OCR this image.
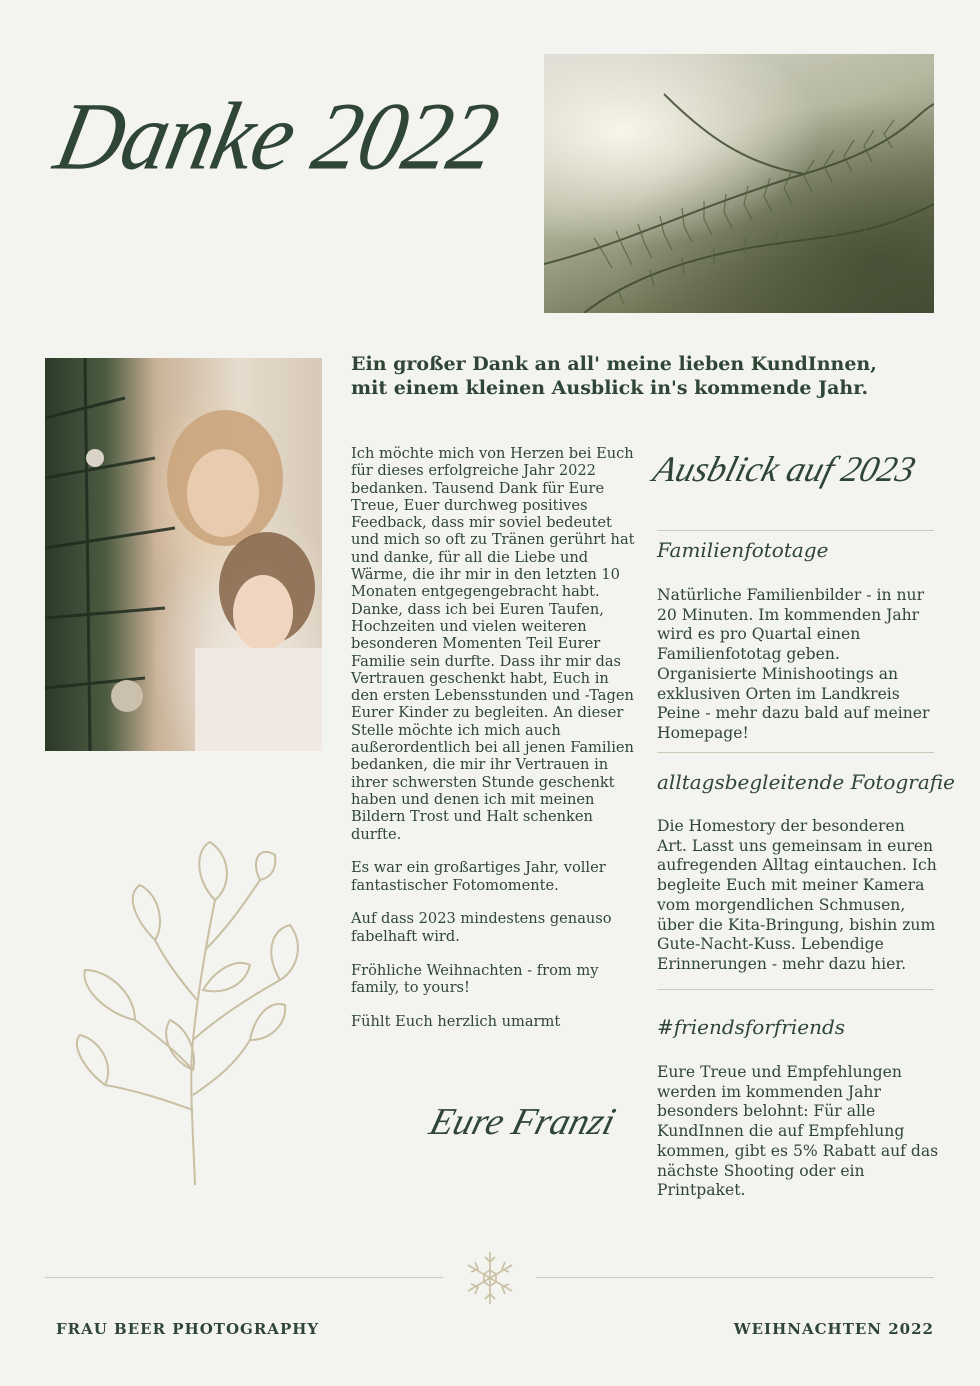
Danke 2022
Ein großer Dank an all' meine lieben KundInnen, mit einem kleinen Ausblick in's kommende Jahr.

Ich möchte mich von Herzen bei Euch für dieses erfolgreiche Jahr 2022 bedanken. Tausend Dank für Eure Treue, Euer durchweg positives Feedback, dass mir soviel bedeutet und mich so oft zu Tränen gerührt hat und danke, für all die Liebe und Wärme, die ihr mir in den letzten 10 Monaten entgegengebracht habt. Danke, dass ich bei Euren Taufen, Hochzeiten und vielen weiteren besonderen Momenten Teil Eurer Familie sein durfte. Dass ihr mir das Vertrauen geschenkt habt, Euch in den ersten Lebensstunden und -Tagen Eurer Kinder zu begleiten. An dieser Stelle möchte ich mich auch außerordentlich bei all jenen Familien bedanken, die mir ihr Vertrauen in ihrer schwersten Stunde geschenkt haben und denen ich mit meinen Bildern Trost und Halt schenken durfte.

Es war ein großartiges Jahr, voller fantastischer Fotomomente.

Auf dass 2023 mindestens genauso fabelhaft wird.

Fröhliche Weihnachten - from my family, to yours!

Fühlt Euch herzlich umarmt

Eure Franzi
Ausblick auf 2023
Familienfototage
Natürliche Familienbilder - in nur 20 Minuten. Im kommenden Jahr wird es pro Quartal einen Familienfototag geben. Organisierte Minishootings an exklusiven Orten im Landkreis Peine - mehr dazu bald auf meiner Homepage!
alltagsbegleitende Fotografie
Die Homestory der besonderen Art. Lasst uns gemeinsam in euren aufregenden Alltag eintauchen. Ich begleite Euch mit meiner Kamera vom morgendlichen Schmusen, über die Kita-Bringung, bishin zum Gute-Nacht-Kuss. Lebendige Erinnerungen - mehr dazu hier.
#friendsforfriends
Eure Treue und Empfehlungen werden im kommenden Jahr besonders belohnt: Für alle KundInnen die auf Empfehlung kommen, gibt es 5% Rabatt auf das nächste Shooting oder ein Printpaket.
FRAU BEER PHOTOGRAPHY	WEIHNACHTEN 2022
